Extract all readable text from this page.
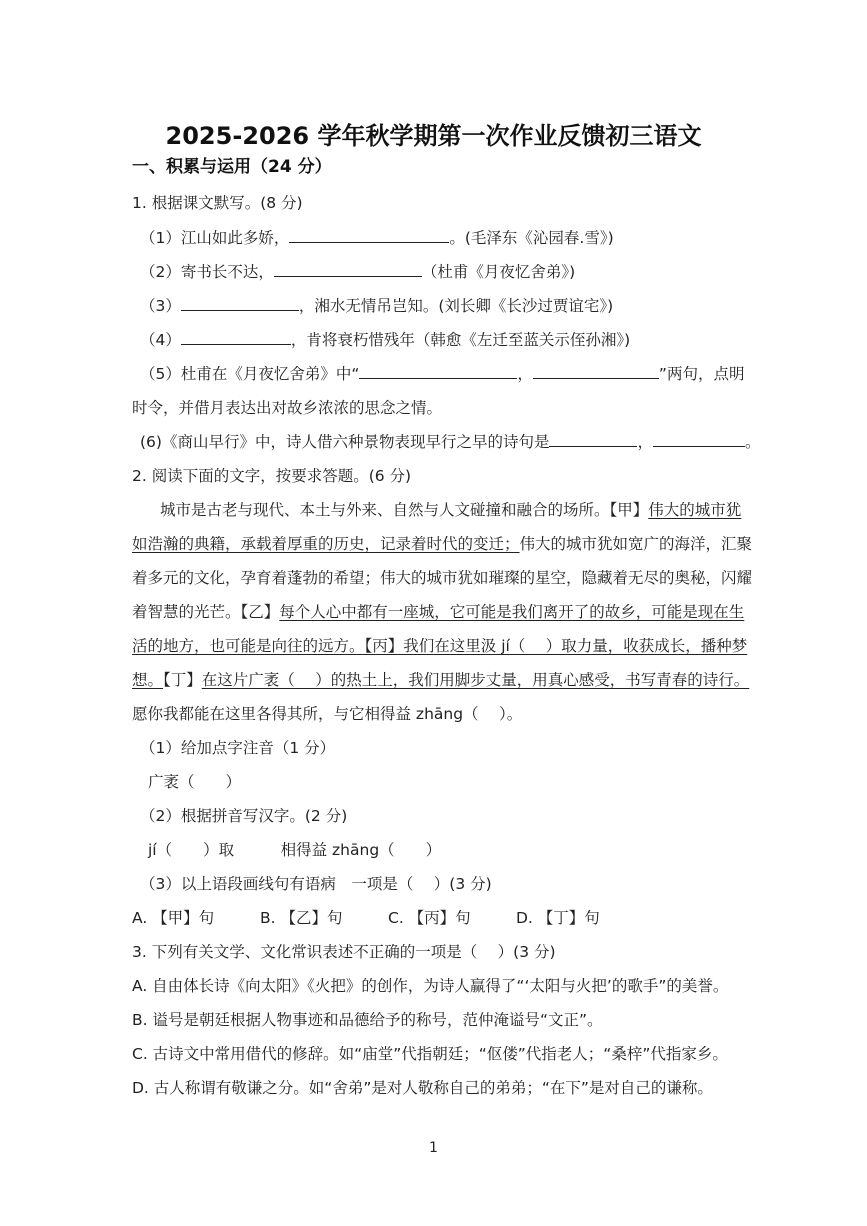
2025-2026 学年秋学期第一次作业反馈初三语文
一、积累与运用（24 分）
1. 根据课文默写。(8 分)
（1）江山如此多娇，	。(毛泽东《沁园春.雪》)
（2）寄书长不达，	（杜甫《月夜忆舍弟》)
（3）	，湘水无情吊岂知。(刘长卿《长沙过贾谊宅》)
（4）	，肯将衰朽惜残年（韩愈《左迁至蓝关示侄孙湘》)
（5）杜甫在《月夜忆舍弟》中“	，	”两句，点明
时令，并借月表达出对故乡浓浓的思念之情。
(6)《商山早行》中，诗人借六种景物表现早行之早的诗句是	，	。
2. 阅读下面的文字，按要求答题。(6 分)
城市是古老与现代、本土与外来、自然与人文碰撞和融合的场所。【甲】伟大的城市犹
如浩瀚的典籍，承载着厚重的历史，记录着时代的变迁；伟大的城市犹如宽广的海洋，汇聚
着多元的文化，孕育着蓬勃的希望；伟大的城市犹如璀璨的星空，隐藏着无尽的奥秘，闪耀
着智慧的光芒。【乙】每个人心中都有一座城，它可能是我们离开了的故乡，可能是现在生
活的地方，也可能是向往的远方。【丙】我们在这里汲 jí（　 ）取力量，收获成长，播种梦
想。【丁】在这片广袤（　 ）的热土上，我们用脚步丈量，用真心感受，书写青春的诗行。
愿你我都能在这里各得其所，与它相得益 zhāng（　 ）。
（1）给加点字注音（1 分）
广袤（　　）
（2）根据拼音写汉字。(2 分)
jí（　　）取　　　相得益 zhāng（　　）
（3）以上语段画线句有语病　一项是（　 ）(3 分)
A. 【甲】句	B. 【乙】句	C. 【丙】句	D. 【丁】句
3. 下列有关文学、文化常识表述不正确的一项是（　 ）(3 分)
A. 自由体长诗《向太阳》《火把》的创作，为诗人赢得了“‘太阳与火把’的歌手”的美誉。
B. 谥号是朝廷根据人物事迹和品德给予的称号，范仲淹谥号“文正”。
C. 古诗文中常用借代的修辞。如“庙堂”代指朝廷；“伛偻”代指老人；“桑梓”代指家乡。
D. 古人称谓有敬谦之分。如“舍弟”是对人敬称自己的弟弟；“在下”是对自己的谦称。
1
